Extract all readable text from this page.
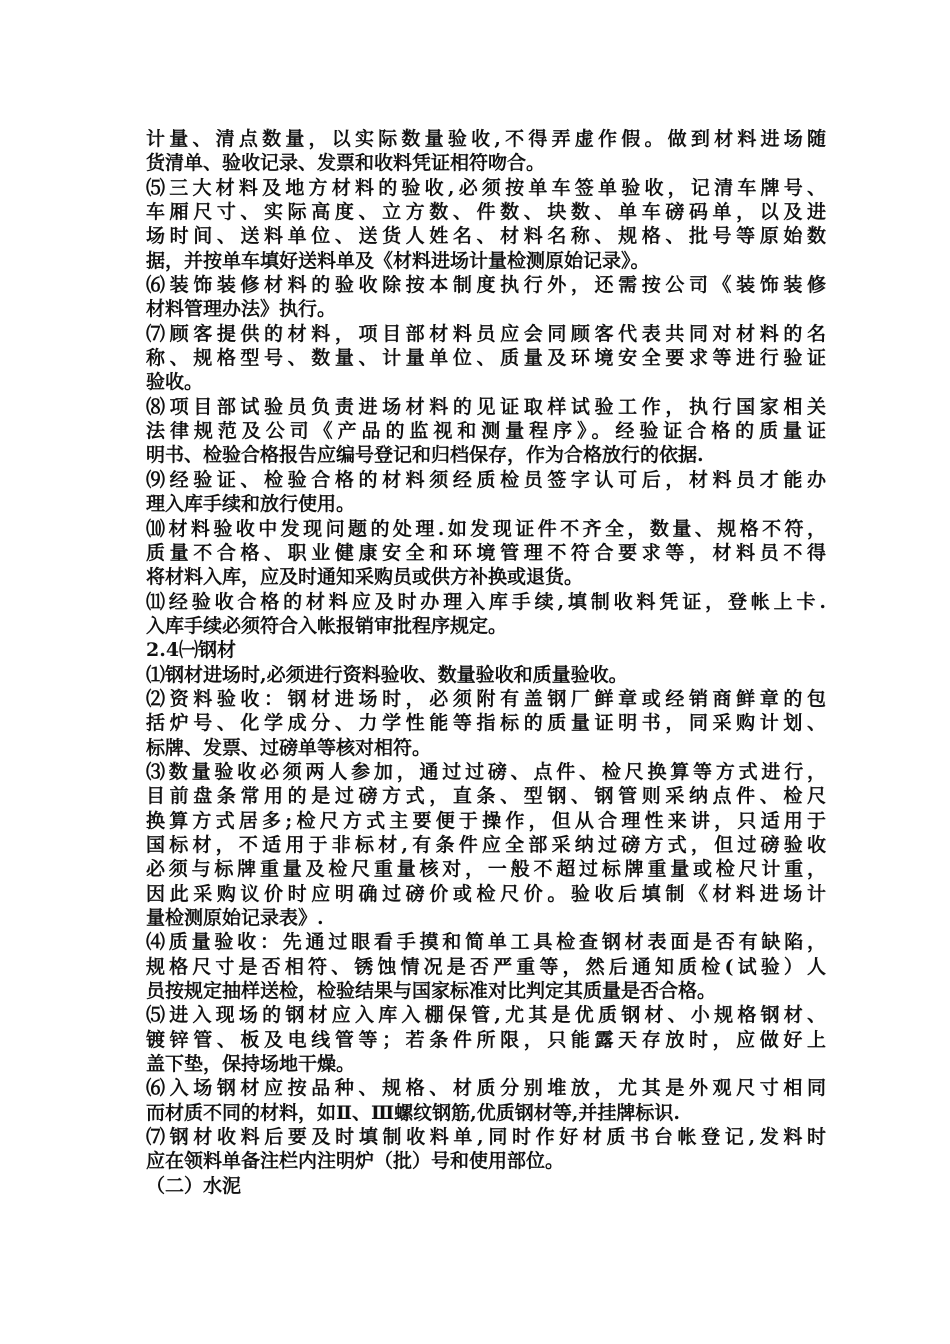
计量、清点数量，以实际数量验收,不得弄虚作假。做到材料进场随
货清单、验收记录、发票和收料凭证相符吻合。
⑸三大材料及地方材料的验收,必须按单车签单验收，记清车牌号、
车厢尺寸、实际高度、立方数、件数、块数、单车磅码单，以及进
场时间、送料单位、送货人姓名、材料名称、规格、批号等原始数
据，并按单车填好送料单及《材料进场计量检测原始记录》。
⑹装饰装修材料的验收除按本制度执行外，还需按公司《装饰装修
材料管理办法》执行。
⑺顾客提供的材料，项目部材料员应会同顾客代表共同对材料的名
称、规格型号、数量、计量单位、质量及环境安全要求等进行验证
验收。
⑻项目部试验员负责进场材料的见证取样试验工作，执行国家相关
法律规范及公司《产品的监视和测量程序》。经验证合格的质量证
明书、检验合格报告应编号登记和归档保存，作为合格放行的依据.
⑼经验证、检验合格的材料须经质检员签字认可后，材料员才能办
理入库手续和放行使用。
⑽材料验收中发现问题的处理.如发现证件不齐全，数量、规格不符，
质量不合格、职业健康安全和环境管理不符合要求等，材料员不得
将材料入库，应及时通知采购员或供方补换或退货。
⑾经验收合格的材料应及时办理入库手续,填制收料凭证，登帐上卡.
入库手续必须符合入帐报销审批程序规定。
2.4㈠钢材
⑴钢材进场时,必须进行资料验收、数量验收和质量验收。
⑵资料验收：钢材进场时，必须附有盖钢厂鲜章或经销商鲜章的包
括炉号、化学成分、力学性能等指标的质量证明书，同采购计划、
标牌、发票、过磅单等核对相符。
⑶数量验收必须两人参加，通过过磅、点件、检尺换算等方式进行，
目前盘条常用的是过磅方式，直条、型钢、钢管则采纳点件、检尺
换算方式居多;检尺方式主要便于操作，但从合理性来讲，只适用于
国标材，不适用于非标材,有条件应全部采纳过磅方式，但过磅验收
必须与标牌重量及检尺重量核对，一般不超过标牌重量或检尺计重，
因此采购议价时应明确过磅价或检尺价。验收后填制《材料进场计
量检测原始记录表》.
⑷质量验收：先通过眼看手摸和简单工具检查钢材表面是否有缺陷，
规格尺寸是否相符、锈蚀情况是否严重等，然后通知质检(试验）人
员按规定抽样送检，检验结果与国家标准对比判定其质量是否合格。
⑸进入现场的钢材应入库入棚保管,尤其是优质钢材、小规格钢材、
镀锌管、板及电线管等；若条件所限，只能露天存放时，应做好上
盖下垫，保持场地干燥。
⑹入场钢材应按品种、规格、材质分别堆放，尤其是外观尺寸相同
而材质不同的材料，如Ⅱ、Ⅲ螺纹钢筋,优质钢材等,并挂牌标识.
⑺钢材收料后要及时填制收料单,同时作好材质书台帐登记,发料时
应在领料单备注栏内注明炉（批）号和使用部位。
（二）水泥
